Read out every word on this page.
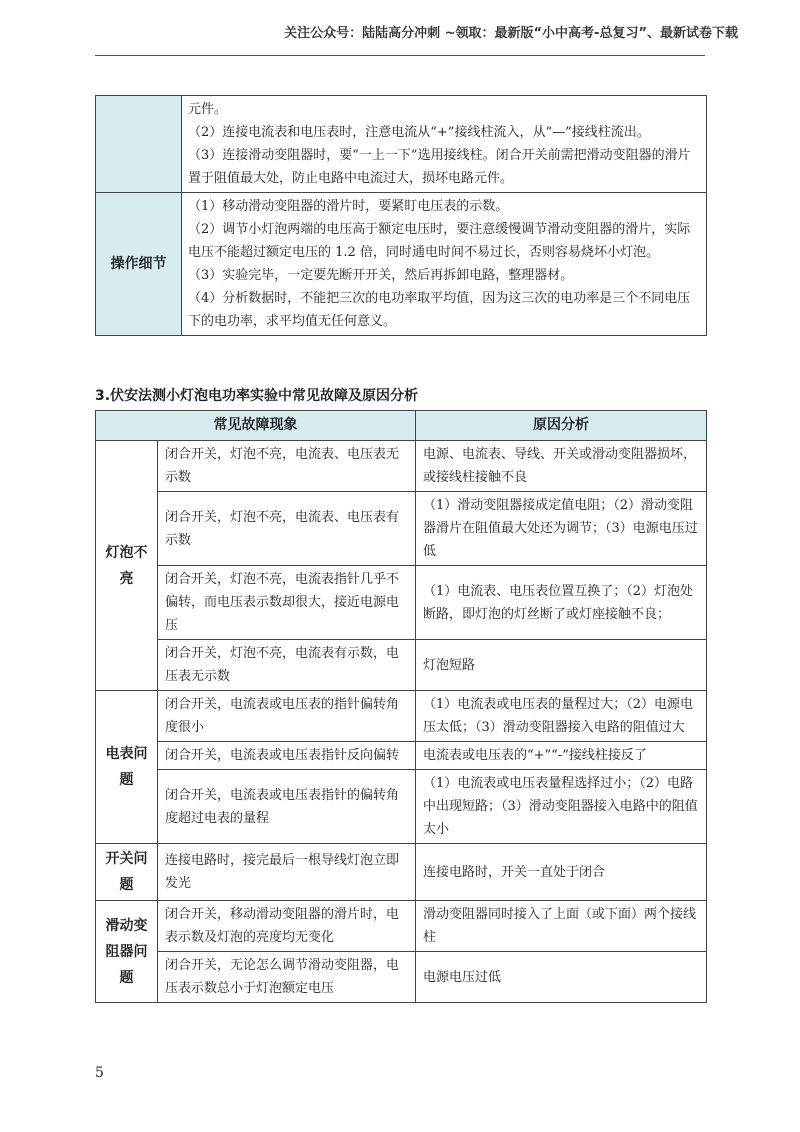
关注公众号：陆陆高分冲刺 ~领取：最新版“小中高考-总复习”、最新试卷下载

	元件。

（2）连接电流表和电压表时，注意电流从“+”接线柱流入，从“—”接线柱流出。

（3）连接滑动变阻器时，要“一上一下”选用接线柱。闭合开关前需把滑动变阻器的滑片置于阻值最大处，防止电路中电流过大，损坏电路元件。

操作细节	（1）移动滑动变阻器的滑片时，要紧盯电压表的示数。

（2）调节小灯泡两端的电压高于额定电压时，要注意缓慢调节滑动变阻器的滑片，实际电压不能超过额定电压的 1.2 倍，同时通电时间不易过长，否则容易烧坏小灯泡。

（3）实验完毕，一定要先断开开关，然后再拆卸电路，整理器材。

（4）分析数据时，不能把三次的电功率取平均值，因为这三次的电功率是三个不同电压下的电功率，求平均值无任何意义。

3.伏安法测小灯泡电功率实验中常见故障及原因分析
常见故障现象		原因分析
灯泡不亮	闭合开关，灯泡不亮，电流表、电压表无示数	电源、电流表、导线、开关或滑动变阻器损坏，或接线柱接触不良
	闭合开关，灯泡不亮，电流表、电压表有示数	（1）滑动变阻器接成定值电阻；（2）滑动变阻器滑片在阻值最大处还为调节；（3）电源电压过低
	闭合开关，灯泡不亮，电流表指针几乎不偏转，而电压表示数却很大，接近电源电压	（1）电流表、电压表位置互换了；（2）灯泡处断路，即灯泡的灯丝断了或灯座接触不良；
	闭合开关，灯泡不亮，电流表有示数，电压表无示数	灯泡短路
电表问题	闭合开关，电流表或电压表的指针偏转角度很小	（1）电流表或电压表的量程过大；（2）电源电压太低；（3）滑动变阻器接入电路的阻值过大
	闭合开关，电流表或电压表指针反向偏转	电流表或电压表的“+”“-”接线柱接反了
	闭合开关，电流表或电压表指针的偏转角度超过电表的量程	（1）电流表或电压表量程选择过小；（2）电路中出现短路；（3）滑动变阻器接入电路中的阻值太小
开关问题	连接电路时，接完最后一根导线灯泡立即发光	连接电路时，开关一直处于闭合
滑动变阻器问题	闭合开关，移动滑动变阻器的滑片时，电表示数及灯泡的亮度均无变化	滑动变阻器同时接入了上面（或下面）两个接线柱
	闭合开关，无论怎么调节滑动变阻器，电压表示数总小于灯泡额定电压	电源电压过低
5
